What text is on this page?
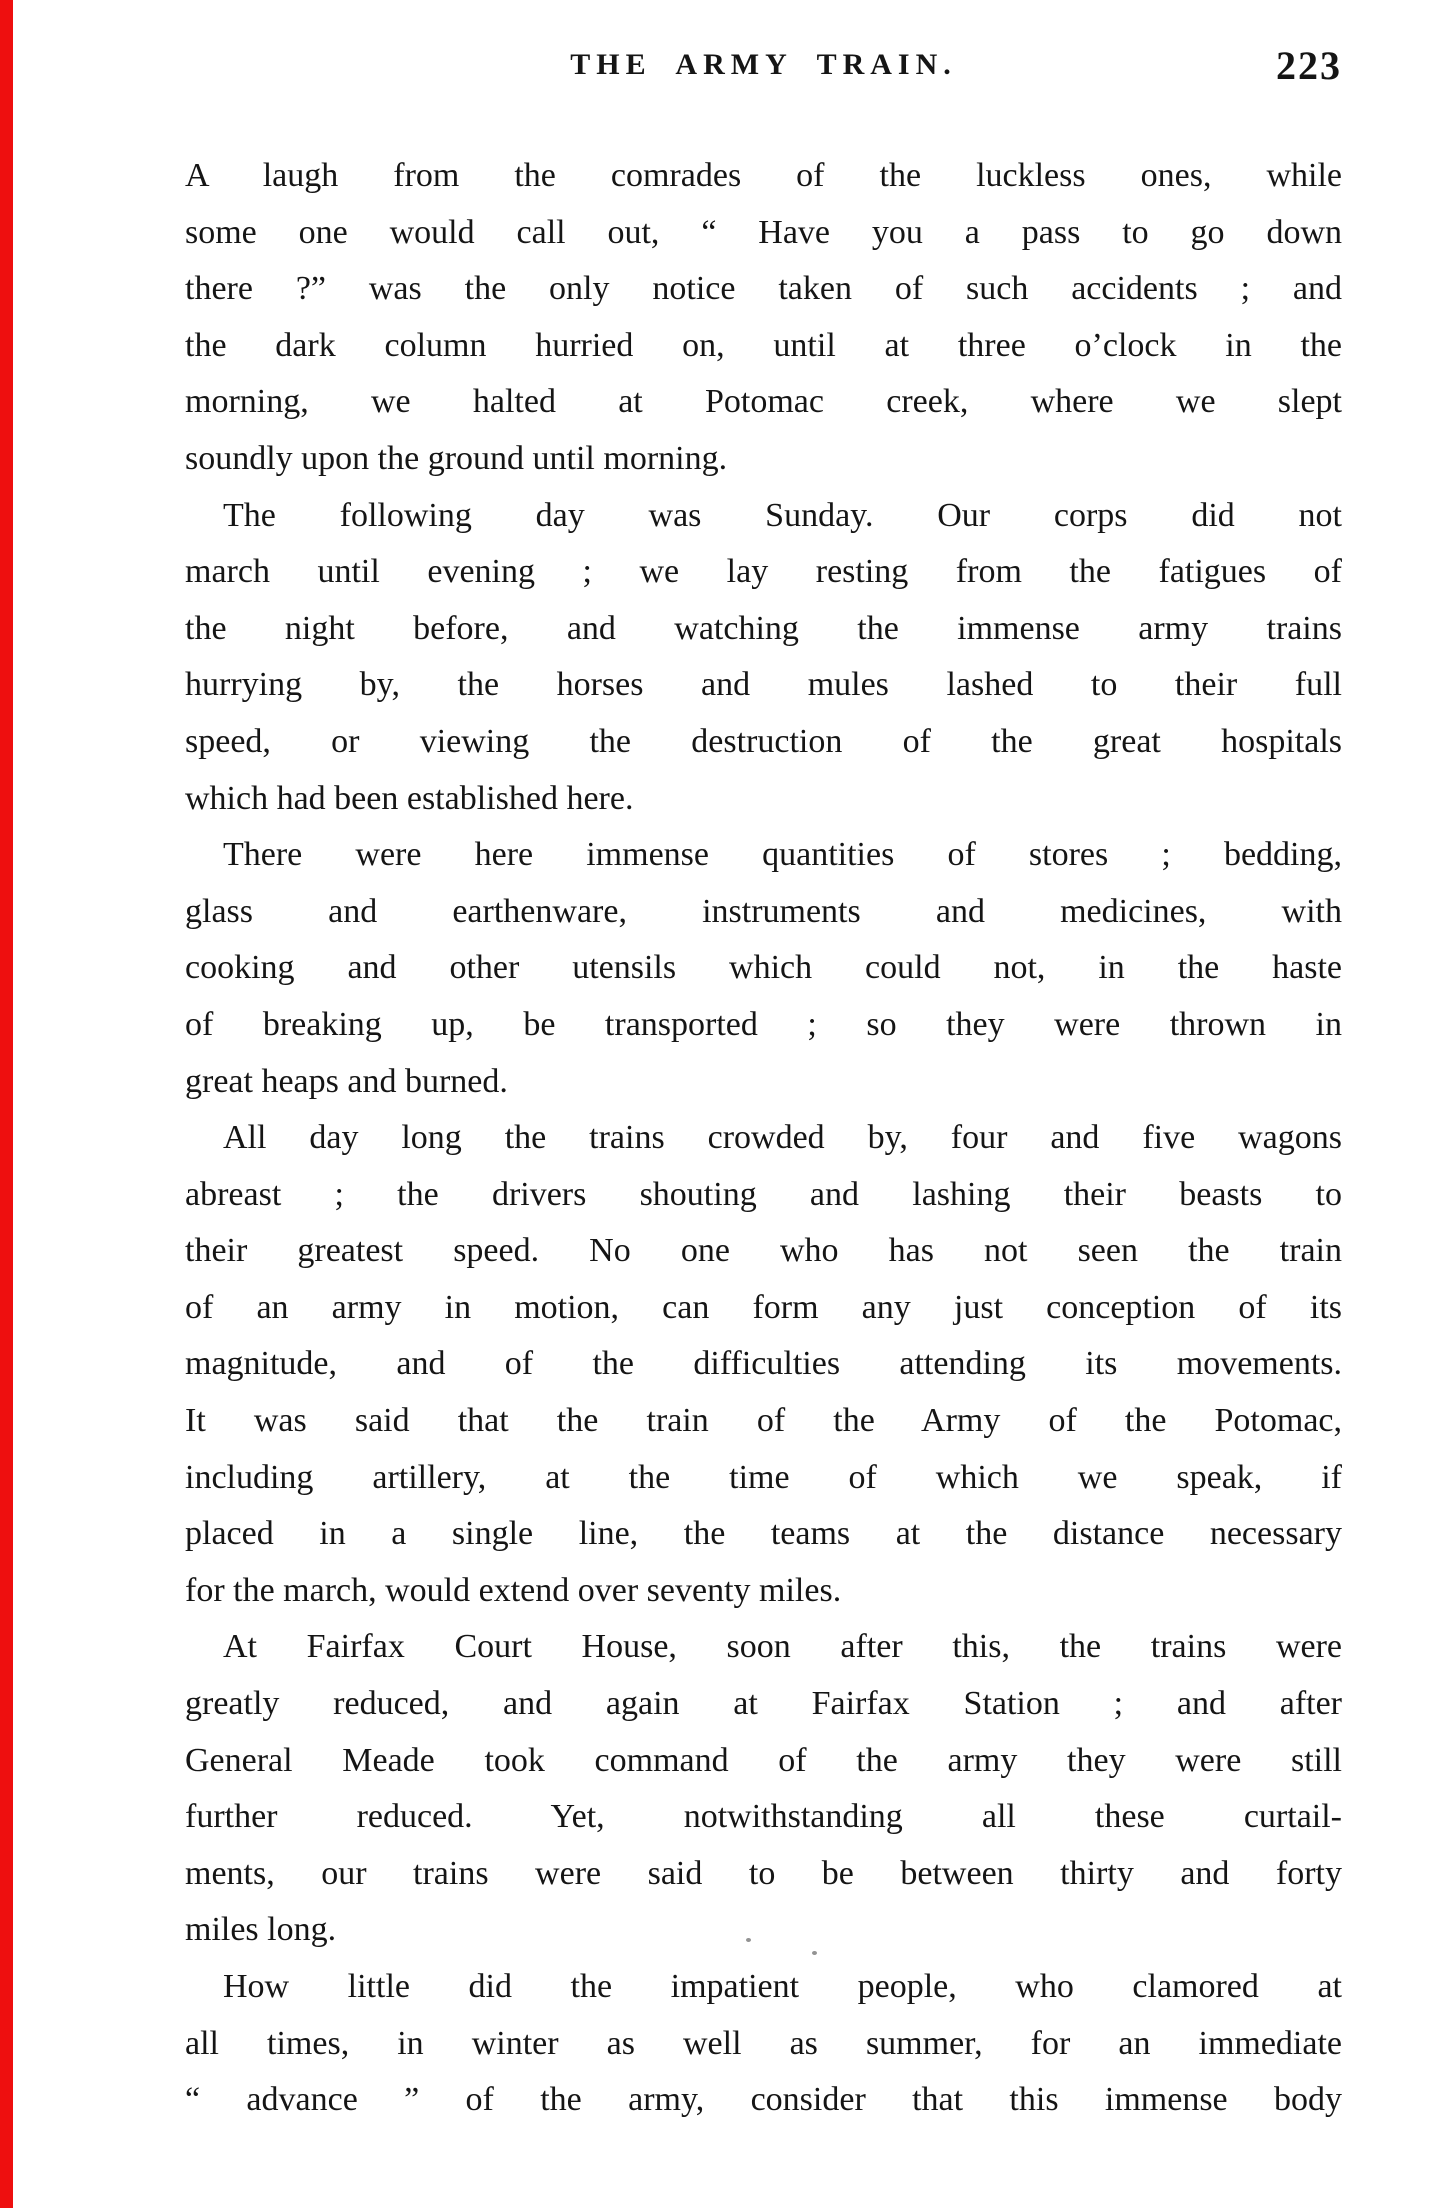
THE ARMY TRAIN.	223
A laugh from the comrades of the luckless ones, while
some one would call out, “ Have you a pass to go down
there ?” was the only notice taken of such accidents ; and
the dark column hurried on, until at three o’clock in the
morning, we halted at Potomac creek, where we slept
soundly upon the ground until morning.
The following day was Sunday. Our corps did not
march until evening ; we lay resting from the fatigues of
the night before, and watching the immense army trains
hurrying by, the horses and mules lashed to their full
speed, or viewing the destruction of the great hospitals
which had been established here.
There were here immense quantities of stores ; bedding,
glass and earthenware, instruments and medicines, with
cooking and other utensils which could not, in the haste
of breaking up, be transported ; so they were thrown in
great heaps and burned.
All day long the trains crowded by, four and five wagons
abreast ; the drivers shouting and lashing their beasts to
their greatest speed. No one who has not seen the train
of an army in motion, can form any just conception of its
magnitude, and of the difficulties attending its movements.
It was said that the train of the Army of the Potomac,
including artillery, at the time of which we speak, if
placed in a single line, the teams at the distance necessary
for the march, would extend over seventy miles.
At Fairfax Court House, soon after this, the trains were
greatly reduced, and again at Fairfax Station ; and after
General Meade took command of the army they were still
further reduced. Yet, notwithstanding all these curtail-
ments, our trains were said to be between thirty and forty
miles long.
How little did the impatient people, who clamored at
all times, in winter as well as summer, for an immediate
“ advance ” of the army, consider that this immense body
